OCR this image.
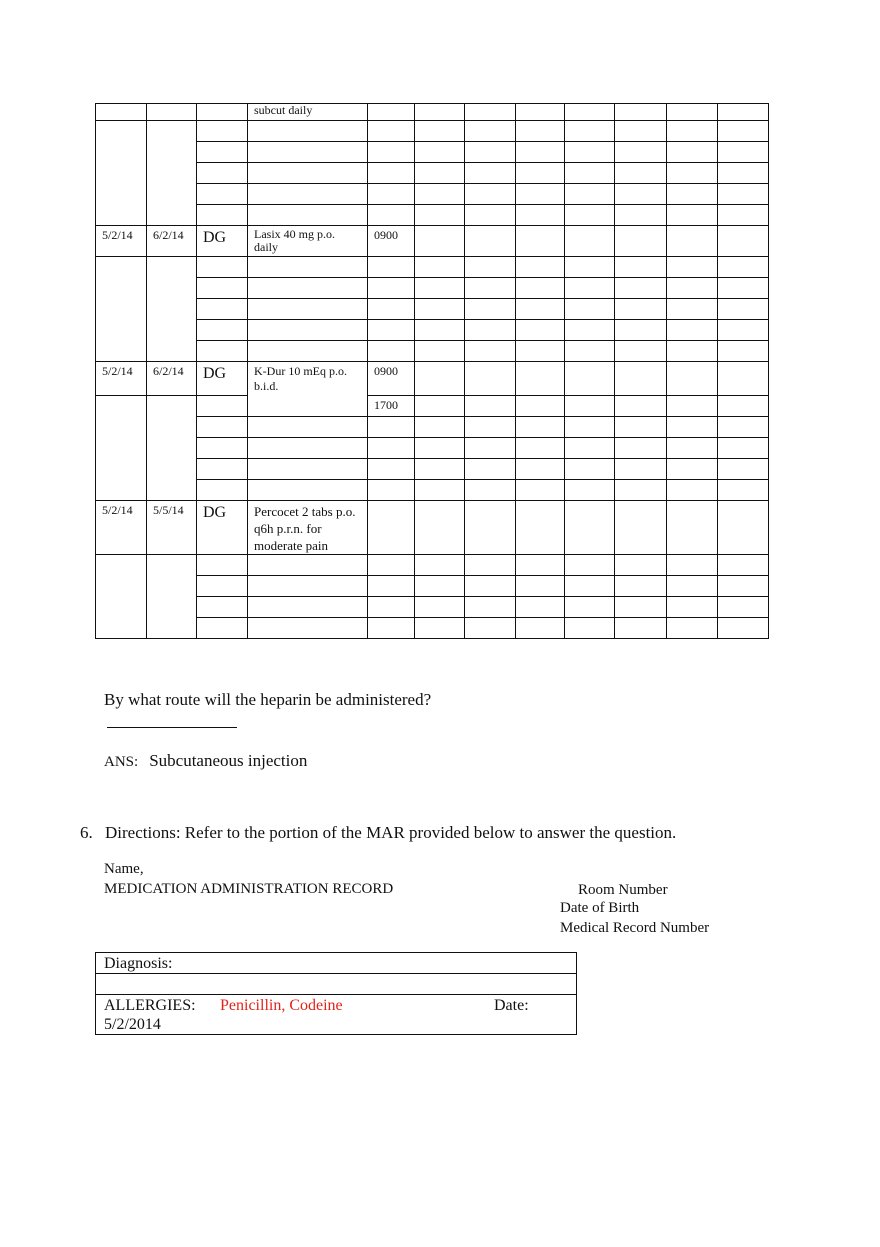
			subcut daily								

5/2/14	6/2/14	DG	Lasix 40 mg p.o. daily	0900							

5/2/14	6/2/14	DG	K-Dur 10 mEq p.o. b.i.d.	0900							
				1700							

5/2/14	5/5/14	DG	Percocet 2 tabs p.o. q6h p.r.n. for moderate pain								

By what route will the heparin be administered?
ANS: Subcutaneous injection
6. Directions: Refer to the portion of the MAR provided below to answer the question.
Name,
MEDICATION ADMINISTRATION RECORD	Room Number
Date of Birth
Medical Record Number
Diagnosis:
ALLERGIES: Penicillin, Codeine	Date:
5/2/2014
